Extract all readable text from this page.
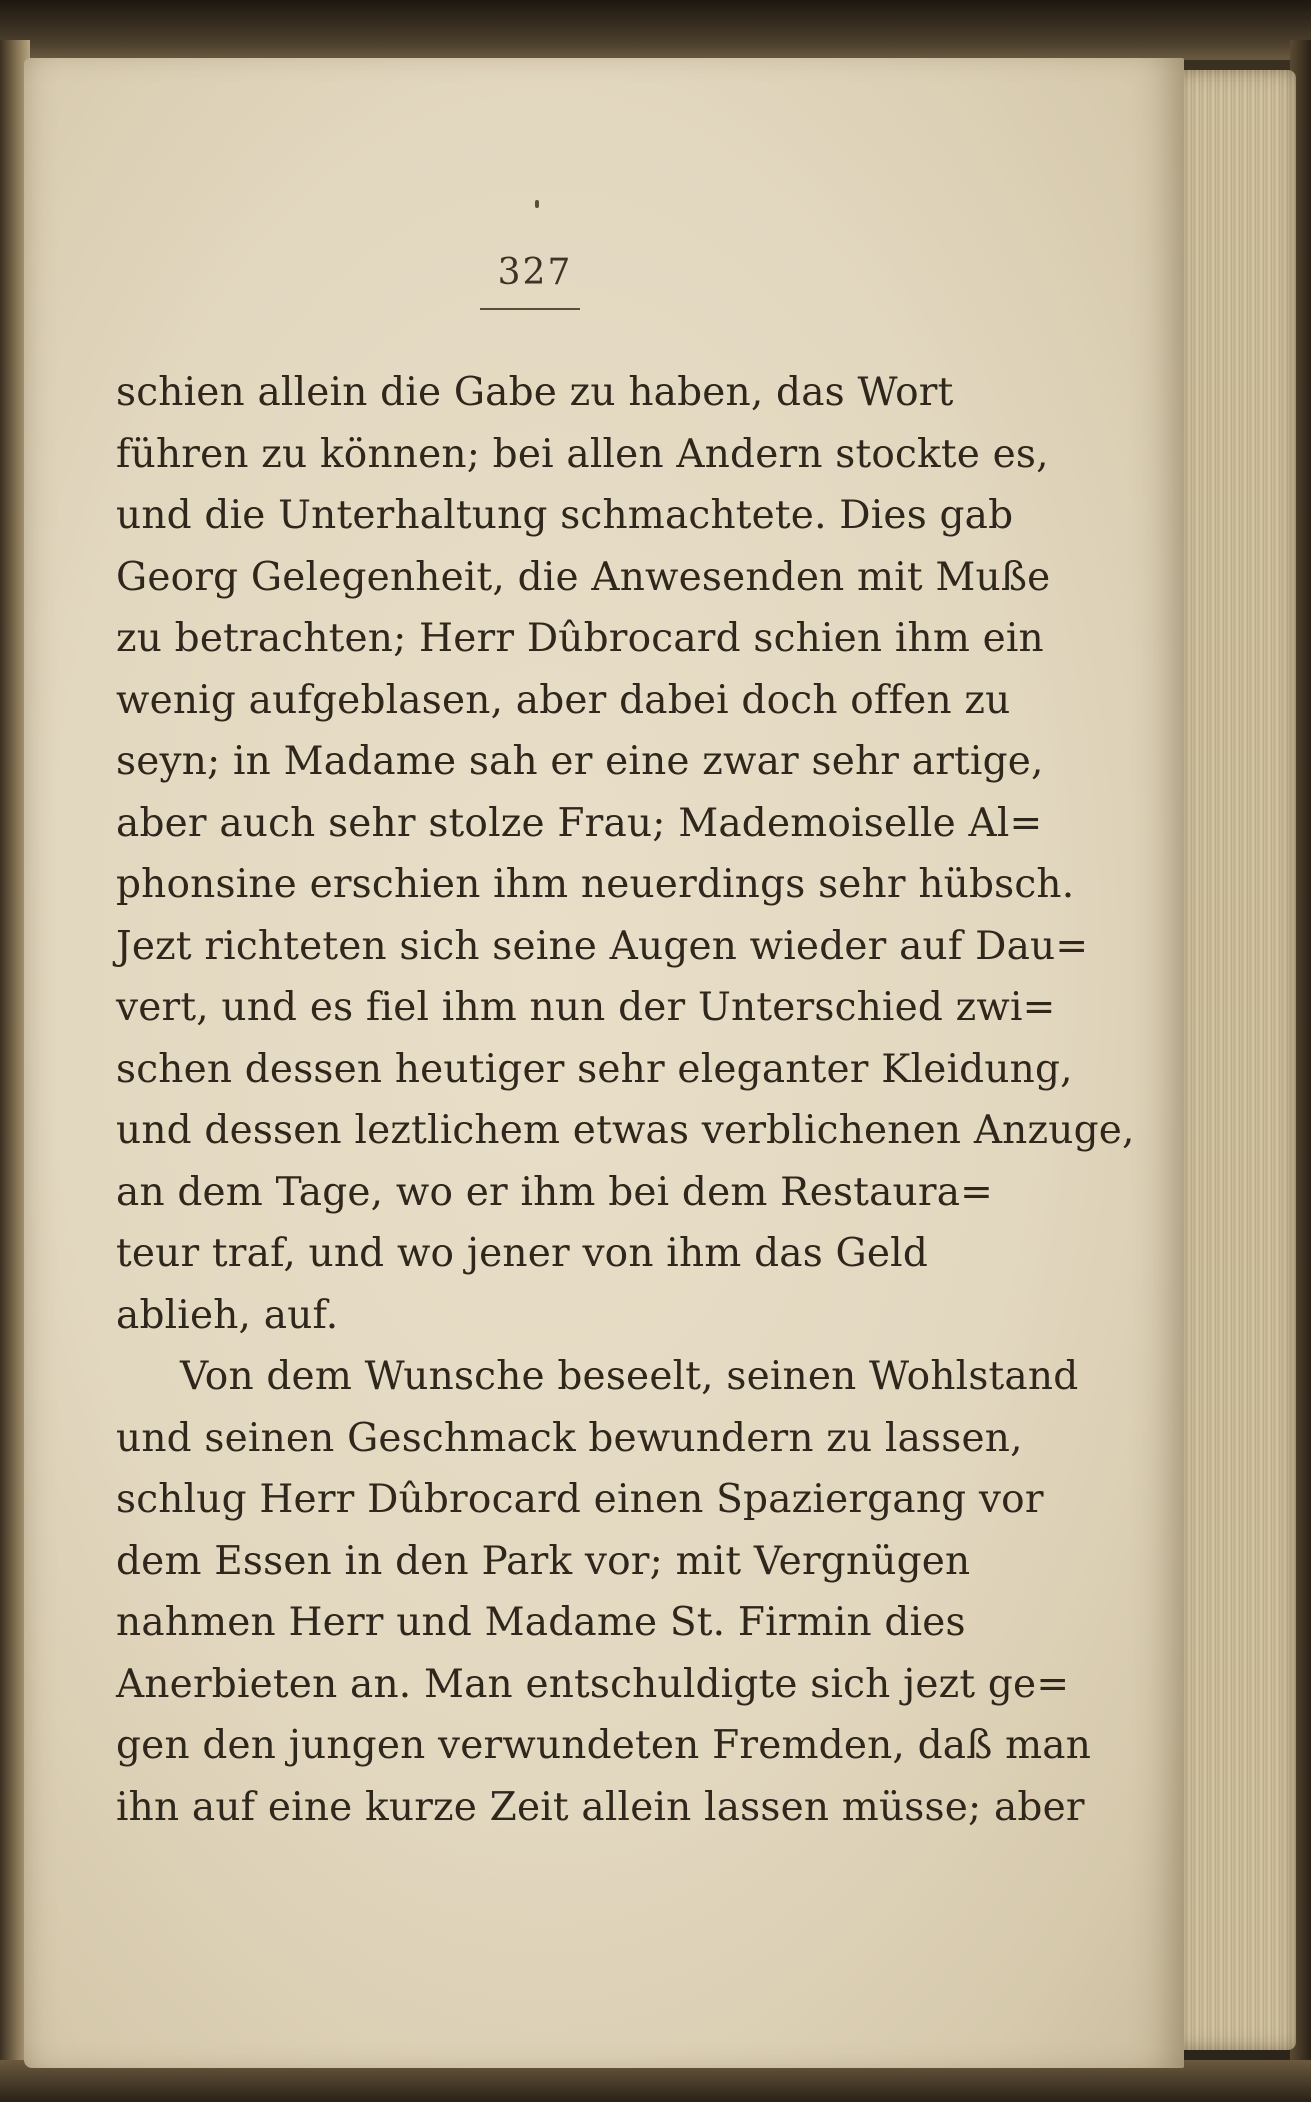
327
schien allein die Gabe zu haben, das Wort
führen zu können; bei allen Andern stockte es,
und die Unterhaltung schmachtete. Dies gab
Georg Gelegenheit, die Anwesenden mit Muße
zu betrachten; Herr Dûbrocard schien ihm ein
wenig aufgeblasen, aber dabei doch offen zu
seyn; in Madame sah er eine zwar sehr artige,
aber auch sehr stolze Frau; Mademoiselle Al=
phonsine erschien ihm neuerdings sehr hübsch.
Jezt richteten sich seine Augen wieder auf Dau=
vert, und es fiel ihm nun der Unterschied zwi=
schen dessen heutiger sehr eleganter Kleidung,
und dessen leztlichem etwas verblichenen Anzuge,
an dem Tage, wo er ihm bei dem Restaura=
teur traf, und wo jener von ihm das Geld
ablieh, auf.
Von dem Wunsche beseelt, seinen Wohlstand
und seinen Geschmack bewundern zu lassen,
schlug Herr Dûbrocard einen Spaziergang vor
dem Essen in den Park vor; mit Vergnügen
nahmen Herr und Madame St. Firmin dies
Anerbieten an. Man entschuldigte sich jezt ge=
gen den jungen verwundeten Fremden, daß man
ihn auf eine kurze Zeit allein lassen müsse; aber
